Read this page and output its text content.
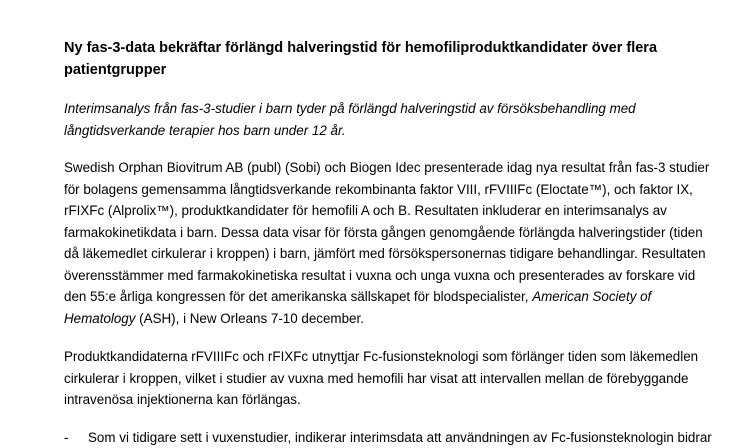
Ny fas-3-data bekräftar förlängd halveringstid för hemofiliproduktkandidater över flera
patientgrupper

Interimsanalys från fas-3-studier i barn tyder på förlängd halveringstid av försöksbehandling med
långtidsverkande terapier hos barn under 12 år.

Swedish Orphan Biovitrum AB (publ) (Sobi) och Biogen Idec presenterade idag nya resultat från fas-3 studier
för bolagens gemensamma långtidsverkande rekombinanta faktor VIII, rFVIIIFc (Eloctate™), och faktor IX,
rFIXFc (Alprolix™), produktkandidater för hemofili A och B. Resultaten inkluderar en interimsanalys av
farmakokinetikdata i barn. Dessa data visar för första gången genomgående förlängda halveringstider (tiden
då läkemedlet cirkulerar i kroppen) i barn, jämfört med försökspersonernas tidigare behandlingar. Resultaten
överensstämmer med farmakokinetiska resultat i vuxna och unga vuxna och presenterades av forskare vid
den 55:e årliga kongressen för det amerikanska sällskapet för blodspecialister, American Society of
Hematology (ASH), i New Orleans 7-10 december.

Produktkandidaterna rFVIIIFc och rFIXFc utnyttjar Fc-fusionsteknologi som förlänger tiden som läkemedlen
cirkulerar i kroppen, vilket i studier av vuxna med hemofili har visat att intervallen mellan de förebyggande
intravenösa injektionerna kan förlängas.

- Som vi tidigare sett i vuxenstudier, indikerar interimsdata att användningen av Fc-fusionsteknologin bidrar
